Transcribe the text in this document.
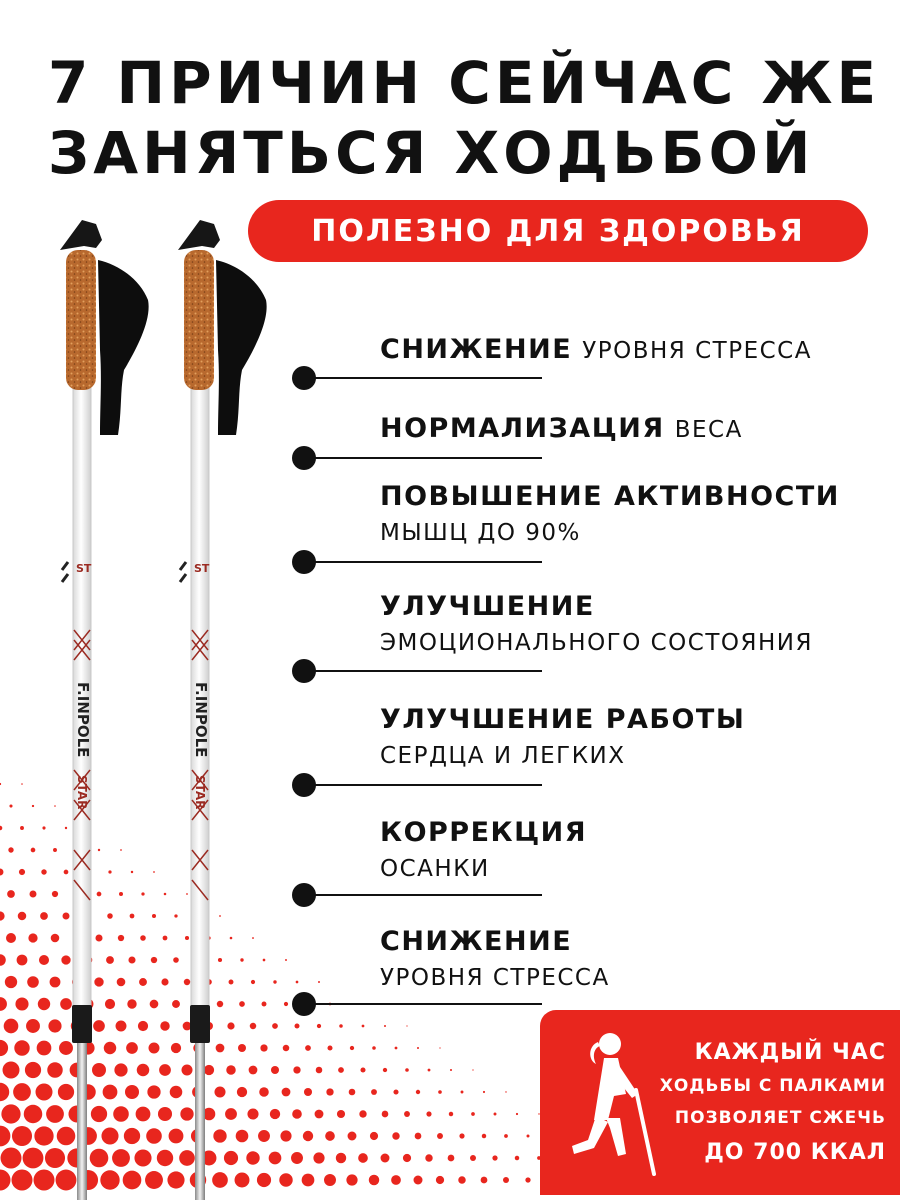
7 ПРИЧИН СЕЙЧАС ЖЕ
ЗАНЯТЬСЯ ХОДЬБОЙ
ПОЛЕЗНО ДЛЯ ЗДОРОВЬЯ
ST
F.INPOLE
STAR
ST
F.INPOLE
STAR
СНИЖЕНИЕ УРОВНЯ СТРЕССА
НОРМАЛИЗАЦИЯ ВЕСА
ПОВЫШЕНИЕ АКТИВНОСТИ
МЫШЦ ДО 90%
УЛУЧШЕНИЕ
ЭМОЦИОНАЛЬНОГО СОСТОЯНИЯ
УЛУЧШЕНИЕ РАБОТЫ
СЕРДЦА И ЛЕГКИХ
КОРРЕКЦИЯ
ОСАНКИ
СНИЖЕНИЕ
УРОВНЯ СТРЕССА
КАЖДЫЙ ЧАС
ХОДЬБЫ С ПАЛКАМИ
ПОЗВОЛЯЕТ СЖЕЧЬ
ДО 700 ККАЛ
